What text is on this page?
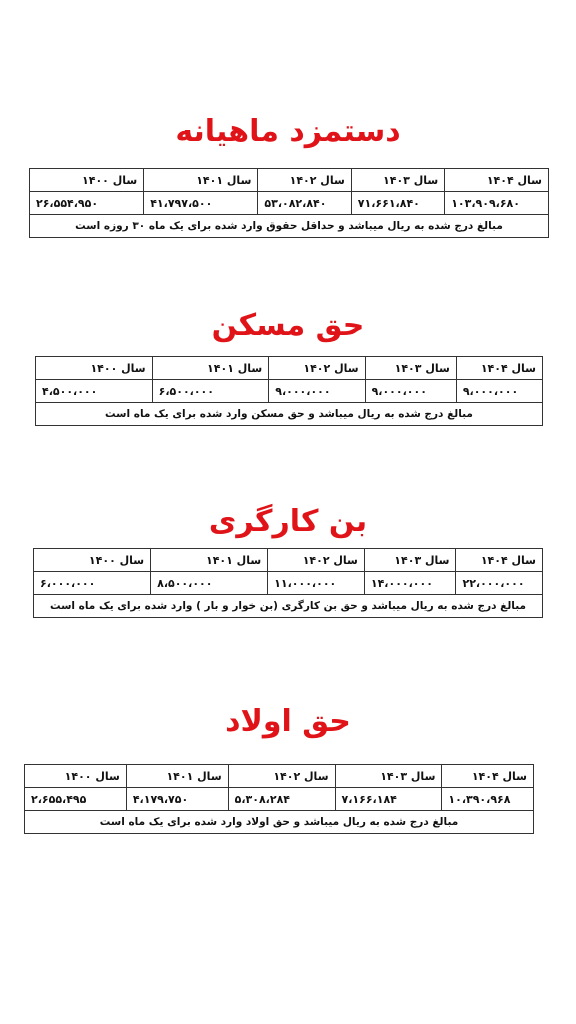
دستمزد ماهیانه
سال ۱۴۰۴	سال ۱۴۰۳	سال ۱۴۰۲	سال ۱۴۰۱	سال ۱۴۰۰
۱۰۳،۹۰۹،۶۸۰	۷۱،۶۶۱،۸۴۰	۵۳،۰۸۲،۸۴۰	۴۱،۷۹۷،۵۰۰	۲۶،۵۵۴،۹۵۰
مبالغ درج شده به ریال میباشد و حداقل حقوق وارد شده برای یک ماه ۳۰ روزه است				
حق مسکن
سال ۱۴۰۴	سال ۱۴۰۳	سال ۱۴۰۲	سال ۱۴۰۱	سال ۱۴۰۰
۹،۰۰۰،۰۰۰	۹،۰۰۰،۰۰۰	۹،۰۰۰،۰۰۰	۶،۵۰۰،۰۰۰	۴،۵۰۰،۰۰۰
مبالغ درج شده به ریال میباشد و حق مسکن وارد شده برای یک ماه است				
بن کارگری
سال ۱۴۰۴	سال ۱۴۰۳	سال ۱۴۰۲	سال ۱۴۰۱	سال ۱۴۰۰
۲۲،۰۰۰،۰۰۰	۱۴،۰۰۰،۰۰۰	۱۱،۰۰۰،۰۰۰	۸،۵۰۰،۰۰۰	۶،۰۰۰،۰۰۰
مبالغ درج شده به ریال میباشد و حق بن کارگری (بن خوار و بار ) وارد شده برای یک ماه است				
حق اولاد
سال ۱۴۰۴	سال ۱۴۰۳	سال ۱۴۰۲	سال ۱۴۰۱	سال ۱۴۰۰
۱۰،۳۹۰،۹۶۸	۷،۱۶۶،۱۸۴	۵،۳۰۸،۲۸۴	۴،۱۷۹،۷۵۰	۲،۶۵۵،۴۹۵
مبالغ درج شده به ریال میباشد و حق اولاد وارد شده برای یک ماه است				
